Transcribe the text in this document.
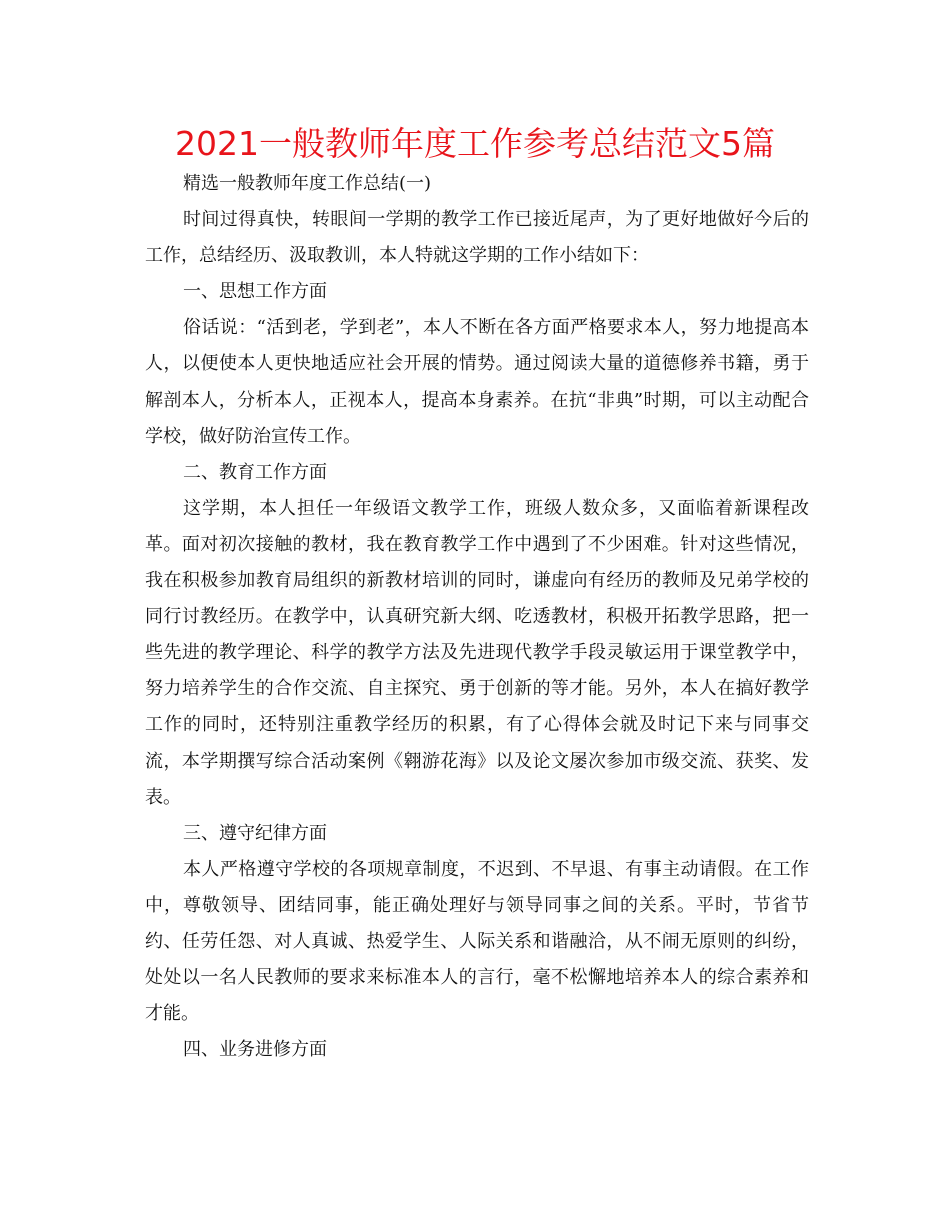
2021一般教师年度工作参考总结范文5篇

精选一般教师年度工作总结(一)

时间过得真快，转眼间一学期的教学工作已接近尾声，为了更好地做好今后的工作，总结经历、汲取教训，本人特就这学期的工作小结如下：

一、思想工作方面

俗话说：“活到老，学到老”，本人不断在各方面严格要求本人，努力地提高本人，以便使本人更快地适应社会开展的情势。通过阅读大量的道德修养书籍，勇于解剖本人，分析本人，正视本人，提高本身素养。在抗“非典”时期，可以主动配合学校，做好防治宣传工作。

二、教育工作方面

这学期，本人担任一年级语文教学工作，班级人数众多，又面临着新课程改革。面对初次接触的教材，我在教育教学工作中遇到了不少困难。针对这些情况，我在积极参加教育局组织的新教材培训的同时，谦虚向有经历的教师及兄弟学校的同行讨教经历。在教学中，认真研究新大纲、吃透教材，积极开拓教学思路，把一些先进的教学理论、科学的教学方法及先进现代教学手段灵敏运用于课堂教学中，努力培养学生的合作交流、自主探究、勇于创新的等才能。另外，本人在搞好教学工作的同时，还特别注重教学经历的积累，有了心得体会就及时记下来与同事交流，本学期撰写综合活动案例《翱游花海》以及论文屡次参加市级交流、获奖、发表。

三、遵守纪律方面

本人严格遵守学校的各项规章制度，不迟到、不早退、有事主动请假。在工作中，尊敬领导、团结同事，能正确处理好与领导同事之间的关系。平时，节省节约、任劳任怨、对人真诚、热爱学生、人际关系和谐融洽，从不闹无原则的纠纷，处处以一名人民教师的要求来标准本人的言行，毫不松懈地培养本人的综合素养和才能。

四、业务进修方面
